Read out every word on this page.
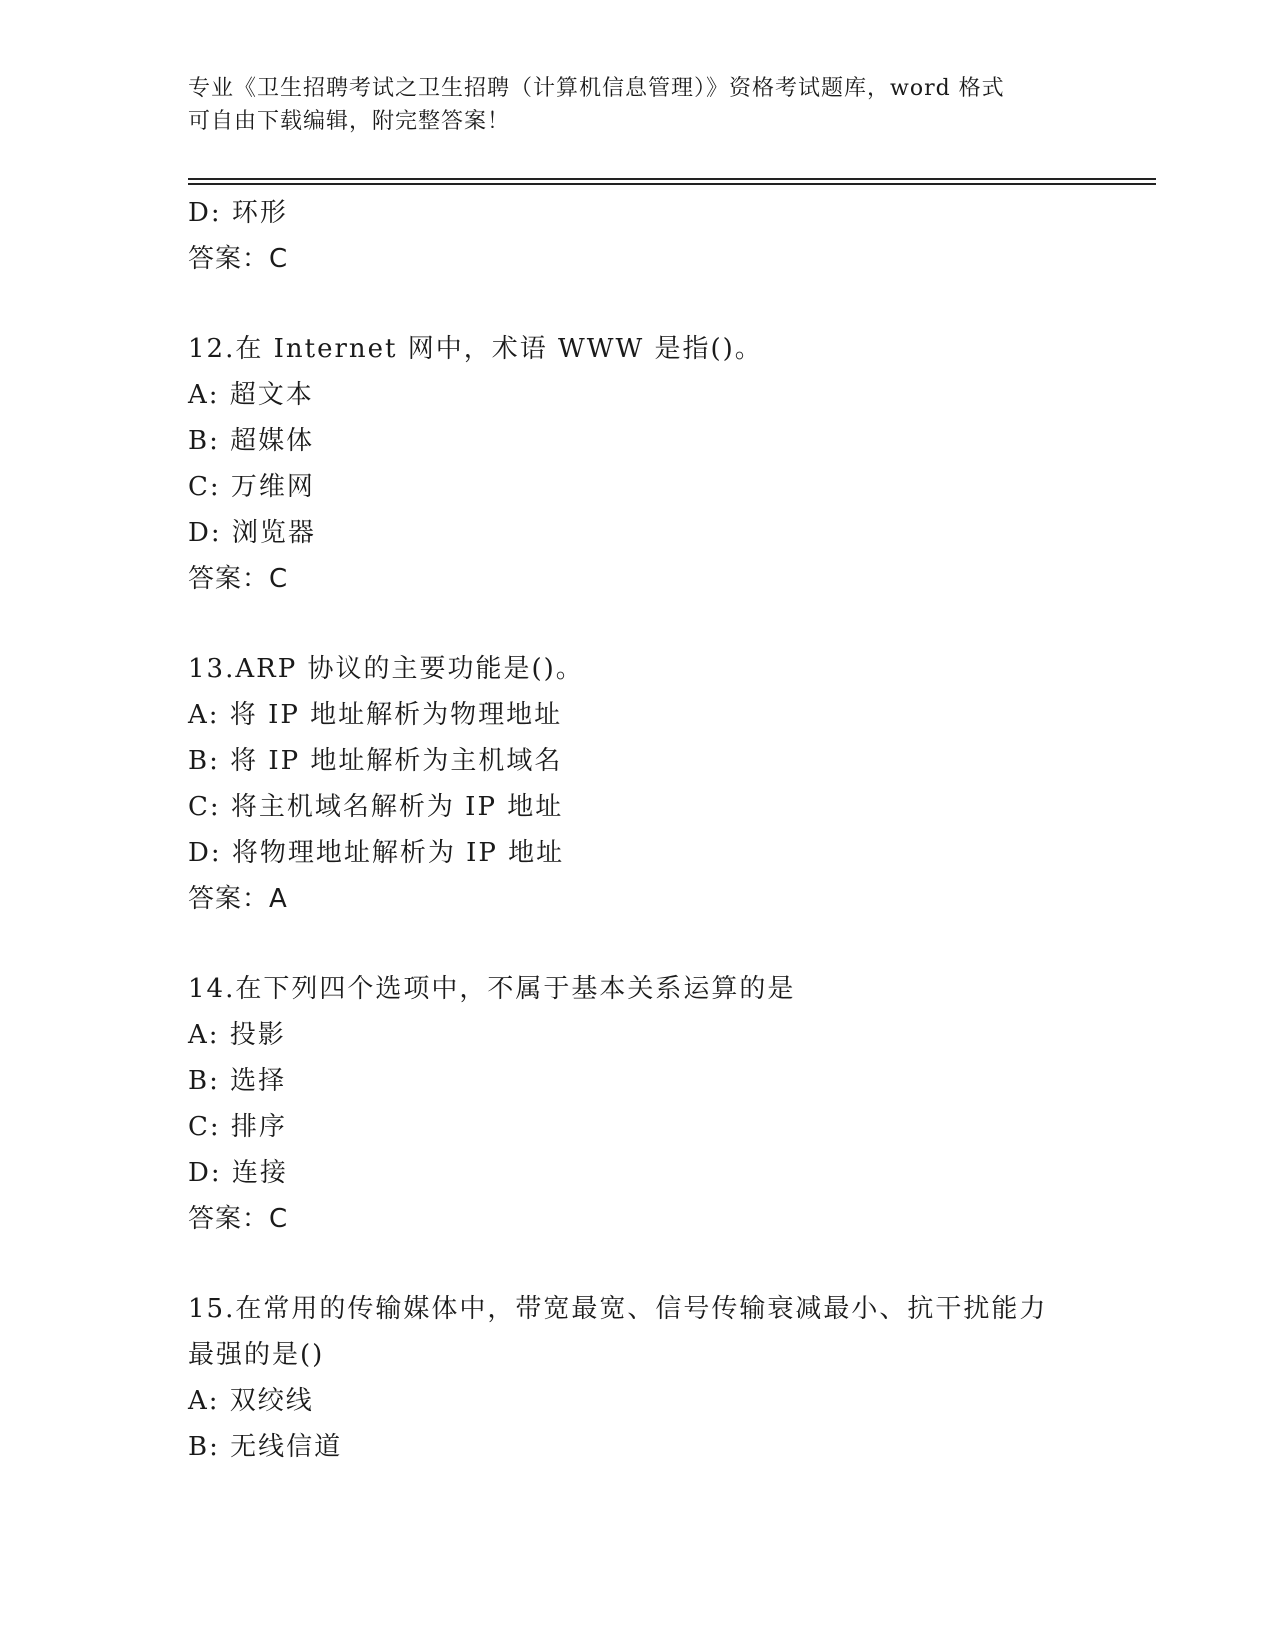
专业《卫生招聘考试之卫生招聘（计算机信息管理）》资格考试题库，word 格式
可自由下载编辑，附完整答案！
D: 环形
答案：C
12.在 Internet 网中，术语 WWW 是指()。
A: 超文本
B: 超媒体
C: 万维网
D: 浏览器
答案：C
13.ARP 协议的主要功能是()。
A: 将 IP 地址解析为物理地址
B: 将 IP 地址解析为主机域名
C: 将主机域名解析为 IP 地址
D: 将物理地址解析为 IP 地址
答案：A
14.在下列四个选项中，不属于基本关系运算的是
A: 投影
B: 选择
C: 排序
D: 连接
答案：C
15.在常用的传输媒体中，带宽最宽、信号传输衰减最小、抗干扰能力
最强的是()
A: 双绞线
B: 无线信道
